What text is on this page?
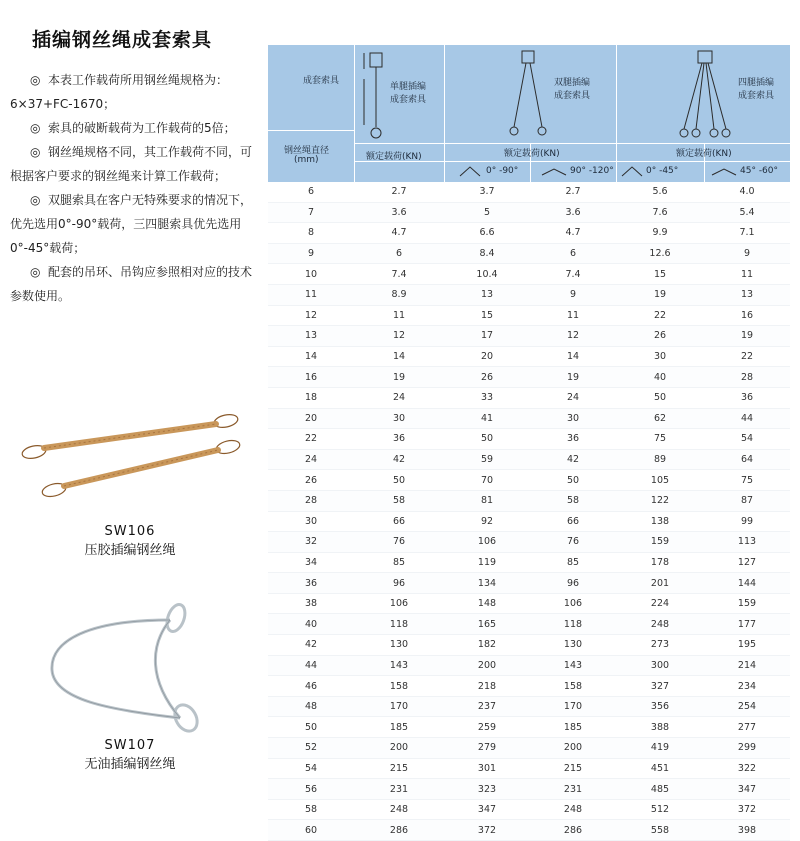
插编钢丝绳成套索具

◎ 本表工作载荷所用钢丝绳规格为：6×37+FC-1670；

◎ 索具的破断载荷为工作载荷的5倍；

◎ 钢丝绳规格不同，其工作载荷不同，可根据客户要求的钢丝绳来计算工作载荷；

◎ 双腿索具在客户无特殊要求的情况下，优先选用0°-90°载荷，三四腿索具优先选用0°-45°载荷；

◎ 配套的吊环、吊钩应参照相对应的技术参数使用。

SW106
压胶插编钢丝绳
SW107
无油插编钢丝绳
成套索具
钢丝绳直径
(mm)
单腿插编
成套索具
额定载荷(KN)
双腿插编
成套索具
额定载荷(KN)
0° -90°	90° -120°
四腿插编
成套索具
额定载荷(KN)
0° -45°	45° -60°
6	2.7	3.7	2.7	5.6	4.0
7	3.6	5	3.6	7.6	5.4
8	4.7	6.6	4.7	9.9	7.1
9	6	8.4	6	12.6	9
10	7.4	10.4	7.4	15	11
11	8.9	13	9	19	13
12	11	15	11	22	16
13	12	17	12	26	19
14	14	20	14	30	22
16	19	26	19	40	28
18	24	33	24	50	36
20	30	41	30	62	44
22	36	50	36	75	54
24	42	59	42	89	64
26	50	70	50	105	75
28	58	81	58	122	87
30	66	92	66	138	99
32	76	106	76	159	113
34	85	119	85	178	127
36	96	134	96	201	144
38	106	148	106	224	159
40	118	165	118	248	177
42	130	182	130	273	195
44	143	200	143	300	214
46	158	218	158	327	234
48	170	237	170	356	254
50	185	259	185	388	277
52	200	279	200	419	299
54	215	301	215	451	322
56	231	323	231	485	347
58	248	347	248	512	372
60	286	372	286	558	398
